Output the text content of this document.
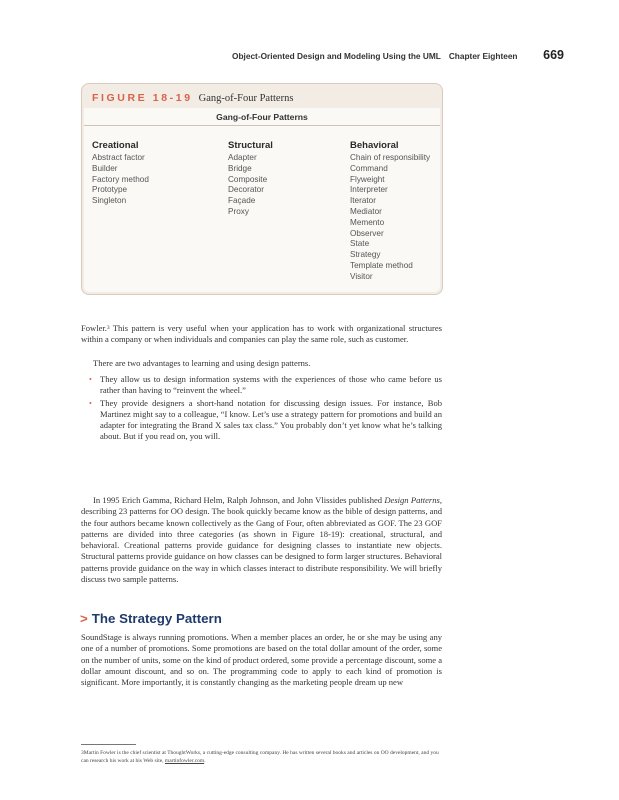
Object-Oriented Design and Modeling Using the UML Chapter Eighteen 669
FIGURE 18-19 Gang-of-Four Patterns
Gang-of-Four Patterns
Creational
Abstract factor
Builder
Factory method
Prototype
Singleton
Structural
Adapter
Bridge
Composite
Decorator
Façade
Proxy
Behavioral
Chain of responsibility
Command
Flyweight
Interpreter
Iterator
Mediator
Memento
Observer
State
Strategy
Template method
Visitor

Fowler.$^3$ This pattern is very useful when your application has to work with organizational structures within a company or when individuals and companies can play the same role, such as customer.

There are two advantages to learning and using design patterns.

• They allow us to design information systems with the experiences of those who came before us rather than having to “reinvent the wheel.”
• They provide designers a short-hand notation for discussing design issues. For instance, Bob Martinez might say to a colleague, “I know. Let’s use a strategy pattern for promotions and build an adapter for integrating the Brand X sales tax class.” You probably don’t yet know what he’s talking about. But if you read on, you will.

In 1995 Erich Gamma, Richard Helm, Ralph Johnson, and John Vlissides published Design Patterns, describing 23 patterns for OO design. The book quickly became know as the bible of design patterns, and the four authors became known collectively as the Gang of Four, often abbreviated as GOF. The 23 GOF patterns are divided into three categories (as shown in Figure 18-19): creational, structural, and behavioral. Creational patterns provide guidance for designing classes to instantiate new objects. Structural patterns provide guidance on how classes can be designed to form larger structures. Behavioral patterns provide guidance on the way in which classes interact to distribute responsibility. We will briefly discuss two sample patterns.

> The Strategy Pattern

SoundStage is always running promotions. When a member places an order, he or she may be using any one of a number of promotions. Some promotions are based on the total dollar amount of the order, some on the number of units, some on the kind of product ordered, some provide a percentage discount, some a dollar amount discount, and so on. The programming code to apply to each kind of promotion is significant. More importantly, it is constantly changing as the marketing people dream up new

$^3$Martin Fowler is the chief scientist at ThoughtWorks, a cutting-edge consulting company. He has written several books and articles on OO development, and you can research his work at his Web site, martinfowler.com.
